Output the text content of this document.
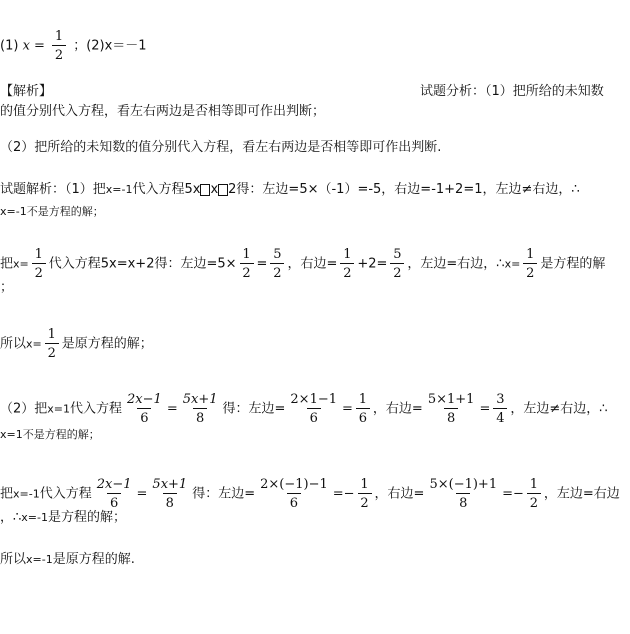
(1) $x = \frac{1}{2}$ ；(2)x＝－1
【解析】	试题分析：（1）把所给的未知数
的值分别代入方程，看左右两边是否相等即可作出判断；
（2）把所给的未知数的值分别代入方程，看左右两边是否相等即可作出判断.
试题解析：（1）把x=-1代入方程5x x 2得：左边=5×（-1）=-5，右边=-1+2=1，左边≠右边，∴
x=-1不是方程的解；
把$x= \frac{1}{2}$ 代入方程5x=x+2得：左边$=5\times \frac{1}{2} = \frac{5}{2}$ ，右边= $\frac{1}{2} +2= \frac{5}{2}$ ，左边=右边，∴x= $\frac{1}{2}$ 是方程的解
；
所以$x= \frac{1}{2}$ 是原方程的解；
（2）把x=1代入方程 $\frac{2x-1}{6} = \frac{5x+1}{8}$ 得：左边= $\frac{2\times 1-1}{6} = \frac{1}{6}$ ，右边= $\frac{5\times 1+1}{8} = \frac{3}{4}$ ，左边≠右边，∴
x=1不是方程的解；
把x=-1代入方程 $\frac{2x-1}{6} = \frac{5x+1}{8}$ 得：左边= $\frac{2\times(-1)-1}{6} =- \frac{1}{2}$ ，右边= $\frac{5\times(-1)+1}{8} =- \frac{1}{2}$ ，左边=右边
，∴x=-1是方程的解；
所以x=-1是原方程的解.
